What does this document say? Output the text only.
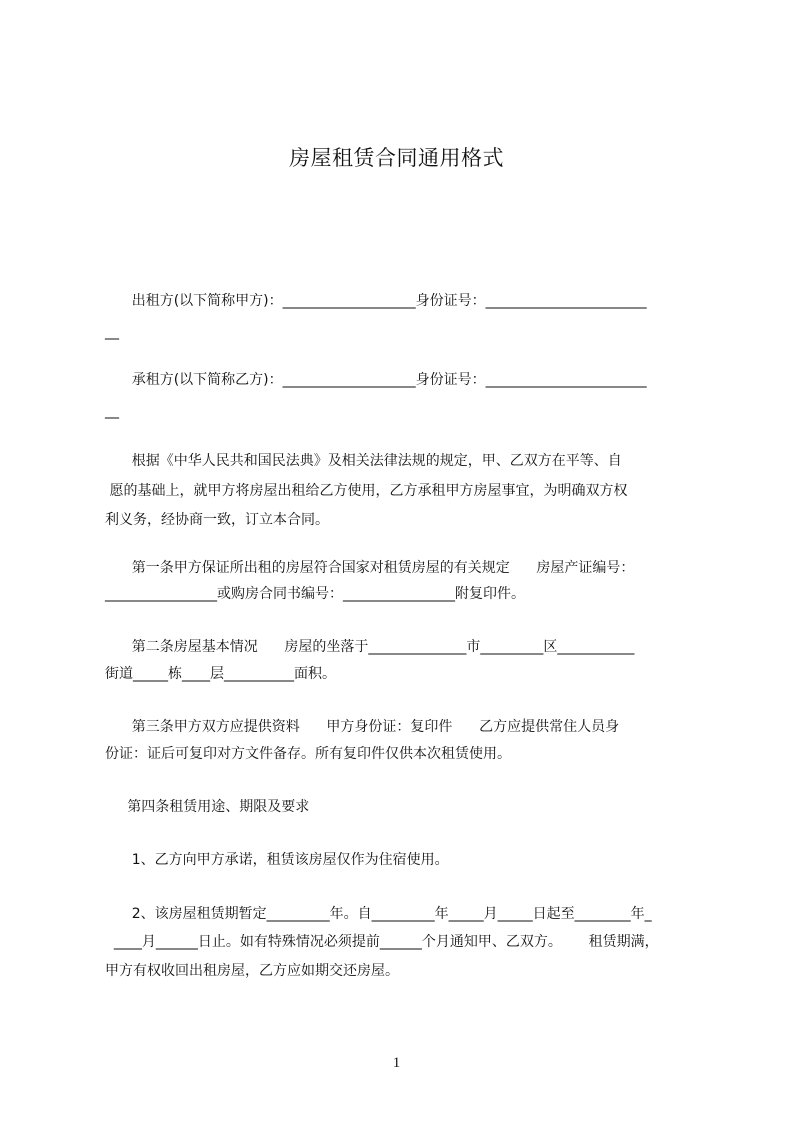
房屋租赁合同通用格式
出租方(以下简称甲方)：___________________身份证号：_______________________
__
承租方(以下简称乙方)：___________________身份证号：_______________________
__
根据《中华人民共和国民法典》及相关法律法规的规定，甲、乙双方在平等、自
愿的基础上，就甲方将房屋出租给乙方使用，乙方承租甲方房屋事宜，为明确双方权
利义务，经协商一致，订立本合同。
第一条甲方保证所出租的房屋符合国家对租赁房屋的有关规定      房屋产证编号：
________________或购房合同书编号：________________附复印件。
第二条房屋基本情况      房屋的坐落于______________市_________区___________
街道_____栋____层__________面积。
第三条甲方双方应提供资料      甲方身份证：复印件      乙方应提供常住人员身
份证：证后可复印对方文件备存。所有复印件仅供本次租赁使用。
第四条租赁用途、期限及要求
1、乙方向甲方承诺，租赁该房屋仅作为住宿使用。
2、该房屋租赁期暂定_________年。自_________年_____月_____日起至________年_
____月______日止。如有特殊情况必须提前______个月通知甲、乙双方。      租赁期满，
甲方有权收回出租房屋，乙方应如期交还房屋。
1
